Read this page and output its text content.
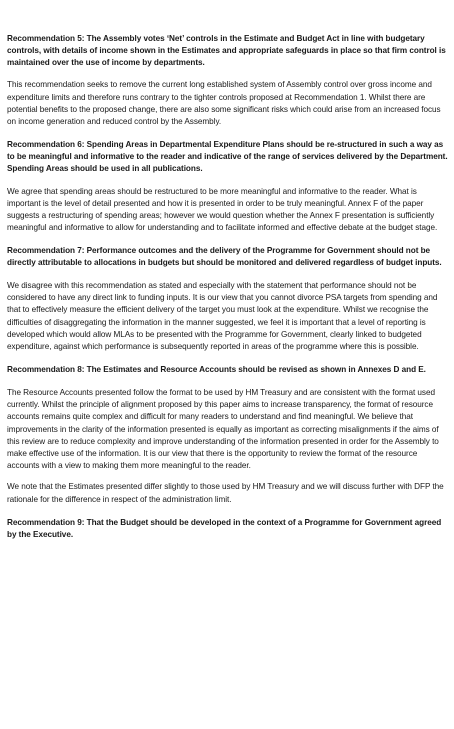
Recommendation 5: The Assembly votes ‘Net’ controls in the Estimate and Budget Act in line with budgetary controls, with details of income shown in the Estimates and appropriate safeguards in place so that firm control is maintained over the use of income by departments.

This recommendation seeks to remove the current long established system of Assembly control over gross income and expenditure limits and therefore runs contrary to the tighter controls proposed at Recommendation 1. Whilst there are potential benefits to the proposed change, there are also some significant risks which could arise from an increased focus on income generation and reduced control by the Assembly.

Recommendation 6: Spending Areas in Departmental Expenditure Plans should be re-structured in such a way as to be meaningful and informative to the reader and indicative of the range of services delivered by the Department. Spending Areas should be used in all publications.

We agree that spending areas should be restructured to be more meaningful and informative to the reader. What is important is the level of detail presented and how it is presented in order to be truly meaningful. Annex F of the paper suggests a restructuring of spending areas; however we would question whether the Annex F presentation is sufficiently meaningful and informative to allow for understanding and to facilitate informed and effective debate at the budget stage.

Recommendation 7: Performance outcomes and the delivery of the Programme for Government should not be directly attributable to allocations in budgets but should be monitored and delivered regardless of budget inputs.

We disagree with this recommendation as stated and especially with the statement that performance should not be considered to have any direct link to funding inputs. It is our view that you cannot divorce PSA targets from spending and that to effectively measure the efficient delivery of the target you must look at the expenditure. Whilst we recognise the difficulties of disaggregating the information in the manner suggested, we feel it is important that a level of reporting is developed which would allow MLAs to be presented with the Programme for Government, clearly linked to budgeted expenditure, against which performance is subsequently reported in areas of the programme where this is possible.

Recommendation 8: The Estimates and Resource Accounts should be revised as shown in Annexes D and E.

The Resource Accounts presented follow the format to be used by HM Treasury and are consistent with the format used currently. Whilst the principle of alignment proposed by this paper aims to increase transparency, the format of resource accounts remains quite complex and difficult for many readers to understand and find meaningful. We believe that improvements in the clarity of the information presented is equally as important as correcting misalignments if the aims of this review are to reduce complexity and improve understanding of the information presented in order for the Assembly to make effective use of the information. It is our view that there is the opportunity to review the format of the resource accounts with a view to making them more meaningful to the reader.

We note that the Estimates presented differ slightly to those used by HM Treasury and we will discuss further with DFP the rationale for the difference in respect of the administration limit.

Recommendation 9: That the Budget should be developed in the context of a Programme for Government agreed by the Executive.
